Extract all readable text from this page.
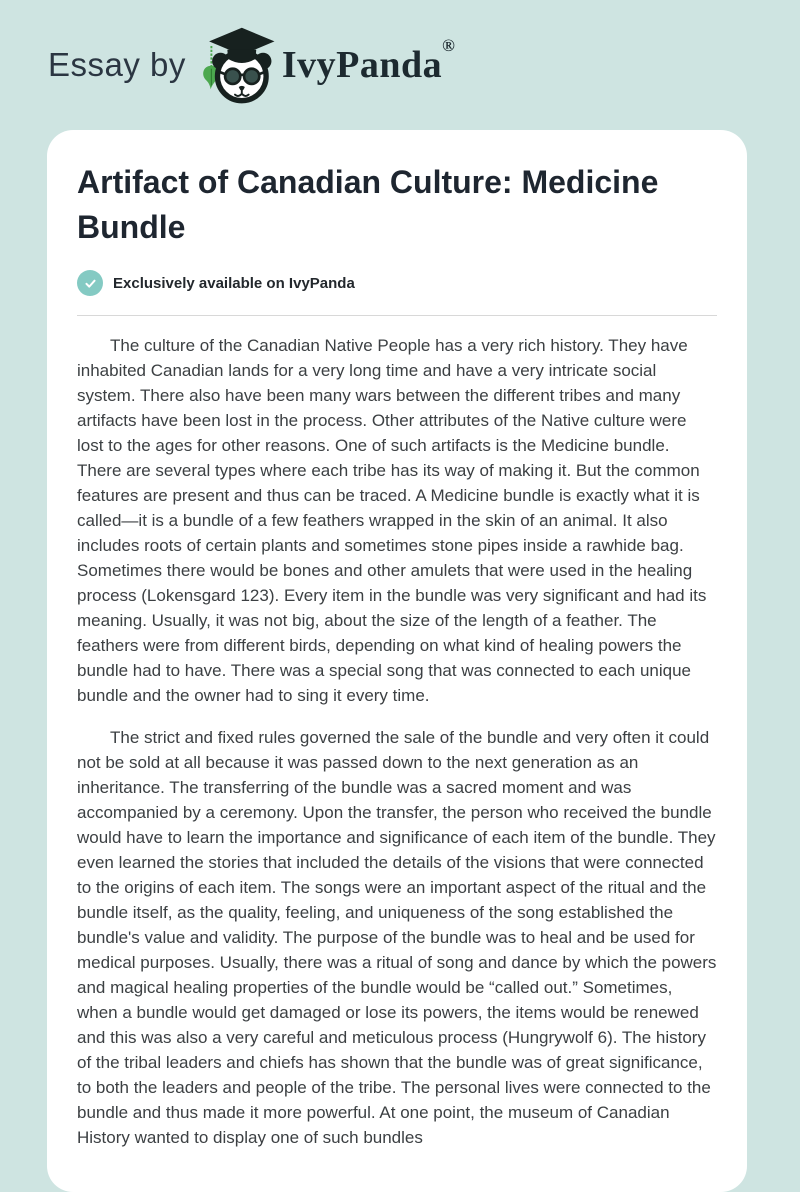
Essay by	IvyPanda®
Artifact of Canadian Culture: Medicine Bundle
Exclusively available on IvyPanda

The culture of the Canadian Native People has a very rich history. They have inhabited Canadian lands for a very long time and have a very intricate social system. There also have been many wars between the different tribes and many artifacts have been lost in the process. Other attributes of the Native culture were lost to the ages for other reasons. One of such artifacts is the Medicine bundle. There are several types where each tribe has its way of making it. But the common features are present and thus can be traced. A Medicine bundle is exactly what it is called—it is a bundle of a few feathers wrapped in the skin of an animal. It also includes roots of certain plants and sometimes stone pipes inside a rawhide bag. Sometimes there would be bones and other amulets that were used in the healing process (Lokensgard 123). Every item in the bundle was very significant and had its meaning. Usually, it was not big, about the size of the length of a feather. The feathers were from different birds, depending on what kind of healing powers the bundle had to have. There was a special song that was connected to each unique bundle and the owner had to sing it every time.

The strict and fixed rules governed the sale of the bundle and very often it could not be sold at all because it was passed down to the next generation as an inheritance. The transferring of the bundle was a sacred moment and was accompanied by a ceremony. Upon the transfer, the person who received the bundle would have to learn the importance and significance of each item of the bundle. They even learned the stories that included the details of the visions that were connected to the origins of each item. The songs were an important aspect of the ritual and the bundle itself, as the quality, feeling, and uniqueness of the song established the bundle's value and validity. The purpose of the bundle was to heal and be used for medical purposes. Usually, there was a ritual of song and dance by which the powers and magical healing properties of the bundle would be “called out.” Sometimes, when a bundle would get damaged or lose its powers, the items would be renewed and this was also a very careful and meticulous process (Hungrywolf 6). The history of the tribal leaders and chiefs has shown that the bundle was of great significance, to both the leaders and people of the tribe. The personal lives were connected to the bundle and thus made it more powerful. At one point, the museum of Canadian History wanted to display one of such bundles
